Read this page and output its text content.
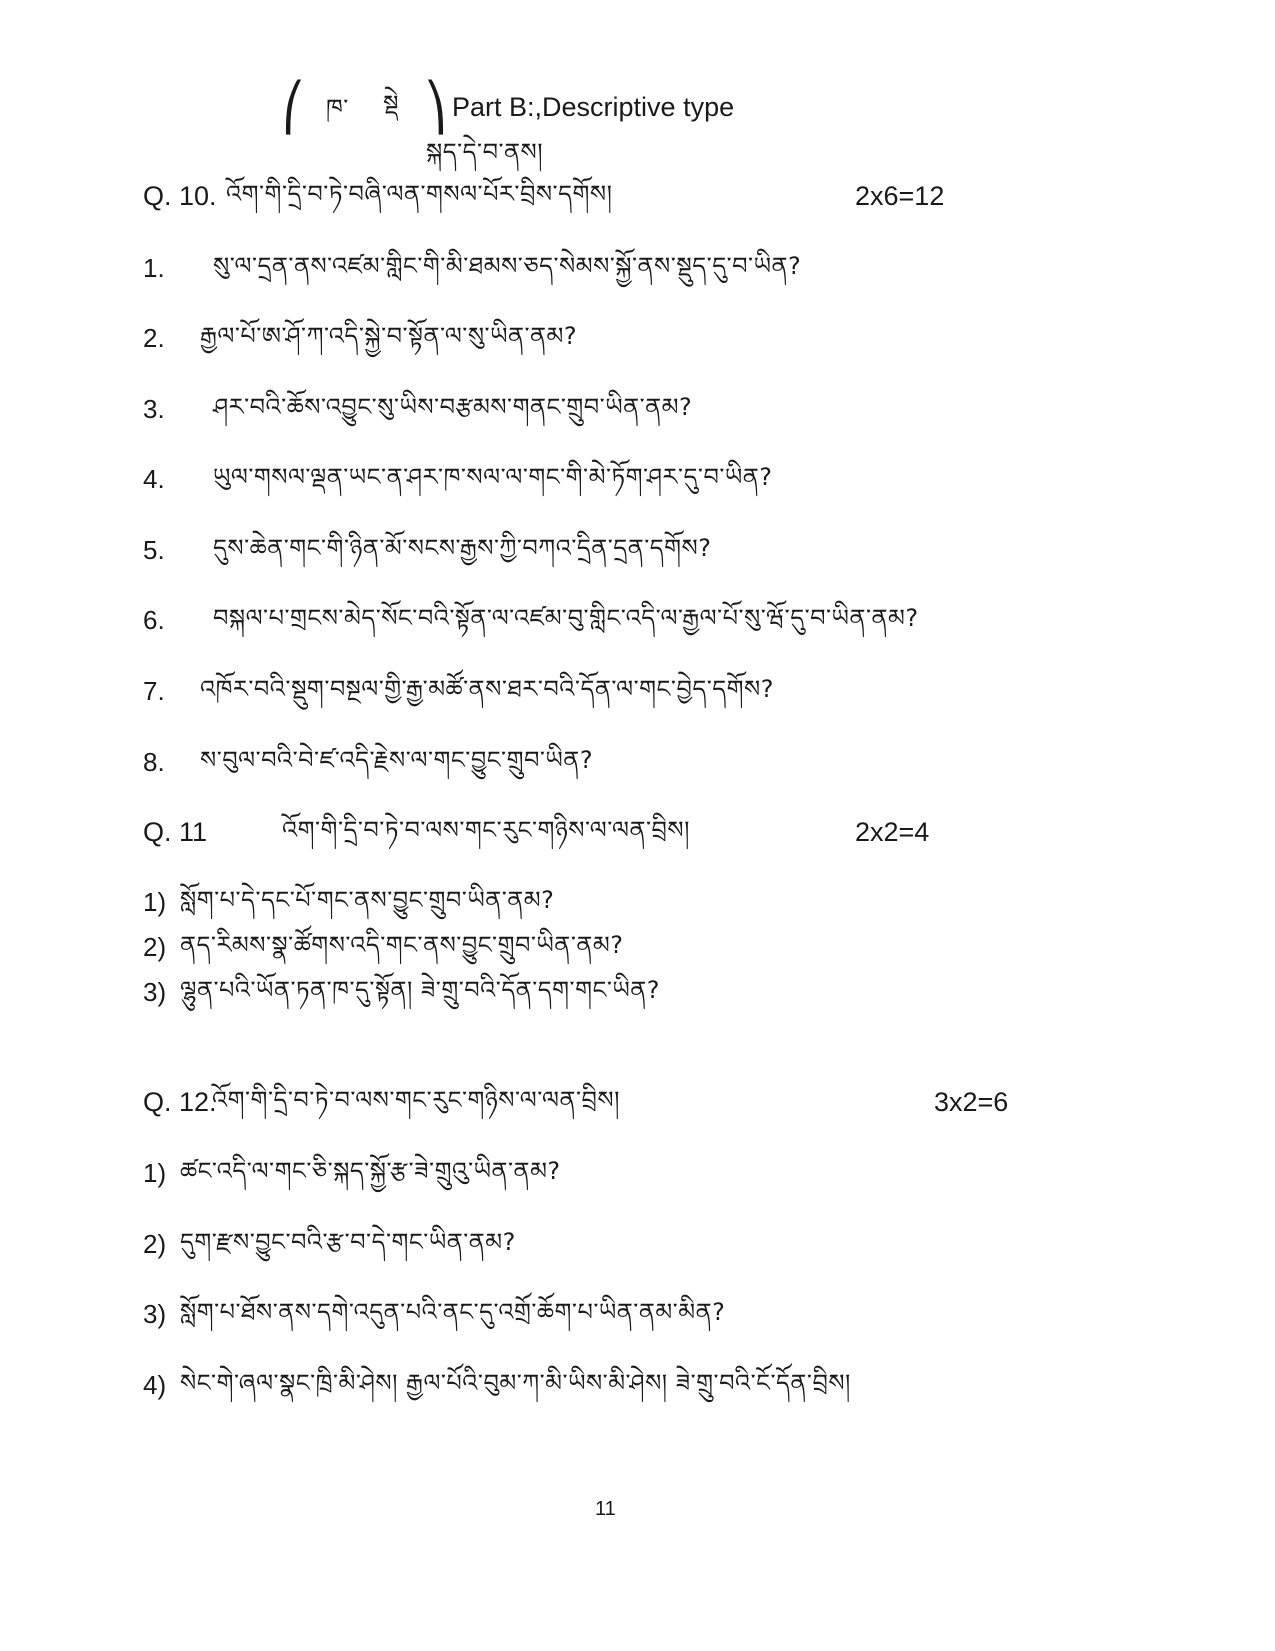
⎛ ཁ་ སྡེ ⎞ Part B:,Descriptive type
སྐད་དེ་བ་ནས།
Q. 10. འོག་གི་དྲི་བ་ཏེ་བཞི་ལན་གསལ་པོར་བྲིས་དགོས།	2x6=12
1. སུ་ལ་དྲན་ནས་འཛམ་གླིང་གི་མི་ཐམས་ཅད་སེམས་སྐྱོ་ནས་སྡུད་དུ་བ་ཡིན?
2. རྒྱལ་པོ་ཨ་ཤོ་ཀ་འདི་སྐྱེ་བ་སྟོན་ལ་སུ་ཡིན་ནམ?
3. ཤར་བའི་ཆོས་འབྱུང་སུ་ཡིས་བརྩམས་གནང་གྲུབ་ཡིན་ནམ?
4. ཡུལ་གསལ་ལྡན་ཡང་ན་ཤར་ཁ་སལ་ལ་གང་གི་མེ་ཏོག་ཤར་དུ་བ་ཡིན?
5. དུས་ཆེན་གང་གི་ཉིན་མོ་སངས་རྒྱས་ཀྱི་བཀའ་དྲིན་དྲན་དགོས?
6. བསྐལ་པ་གྲངས་མེད་སོང་བའི་སྟོན་ལ་འཛམ་བུ་གླིང་འདི་ལ་རྒྱལ་པོ་སུ་ཝོ་དུ་བ་ཡིན་ནམ?
7. འཁོར་བའི་སྡུག་བསྔལ་གྱི་རྒྱ་མཚོ་ནས་ཐར་བའི་དོན་ལ་གང་བྱེད་དགོས?
8. ས་བུལ་བའི་བེ་ཛ་འདི་རྗེས་ལ་གང་བྱུང་གྲུབ་ཡིན?
Q. 11	འོག་གི་དྲི་བ་ཏེ་བ་ལས་གང་རུང་གཉིས་ལ་ལན་བྲིས།	2x2=4
1) སློག་པ་དེ་དང་པོ་གང་ནས་བྱུང་གྲུབ་ཡིན་ནམ?
2) ནད་རིམས་སྣ་ཚོགས་འདི་གང་ནས་བྱུང་གྲུབ་ཡིན་ནམ?
3) ལྷུན་པའི་ཡོན་ཏན་ཁ་དུ་སྟོན། ཟེ་གྲུ་བའི་དོན་དག་གང་ཡིན?
Q. 12.
འོག་གི་དྲི་བ་ཏེ་བ་ལས་གང་རུང་གཉིས་ལ་ལན་བྲིས།	3x2=6
1) ཚང་འདི་ལ་གང་ཅི་སྐད་སྐྱོ་རྩ་ཟེ་གྲུའུ་ཡིན་ནམ?
2) དུག་རྫས་བྱུང་བའི་རྩ་བ་དེ་གང་ཡིན་ནམ?
3) སློག་པ་ཐོས་ནས་དགེ་འདུན་པའི་ནང་དུ་འགྲོ་ཆོག་པ་ཡིན་ནམ་མིན?
4) སེང་གེ་ཞལ་སྣང་ཁྲི་མི་ཤེས། རྒྱལ་པོའི་བུམ་ཀ་མི་ཡིས་མི་ཤེས། ཟེ་གྲུ་བའི་ངོ་དོན་བྲིས།
11
